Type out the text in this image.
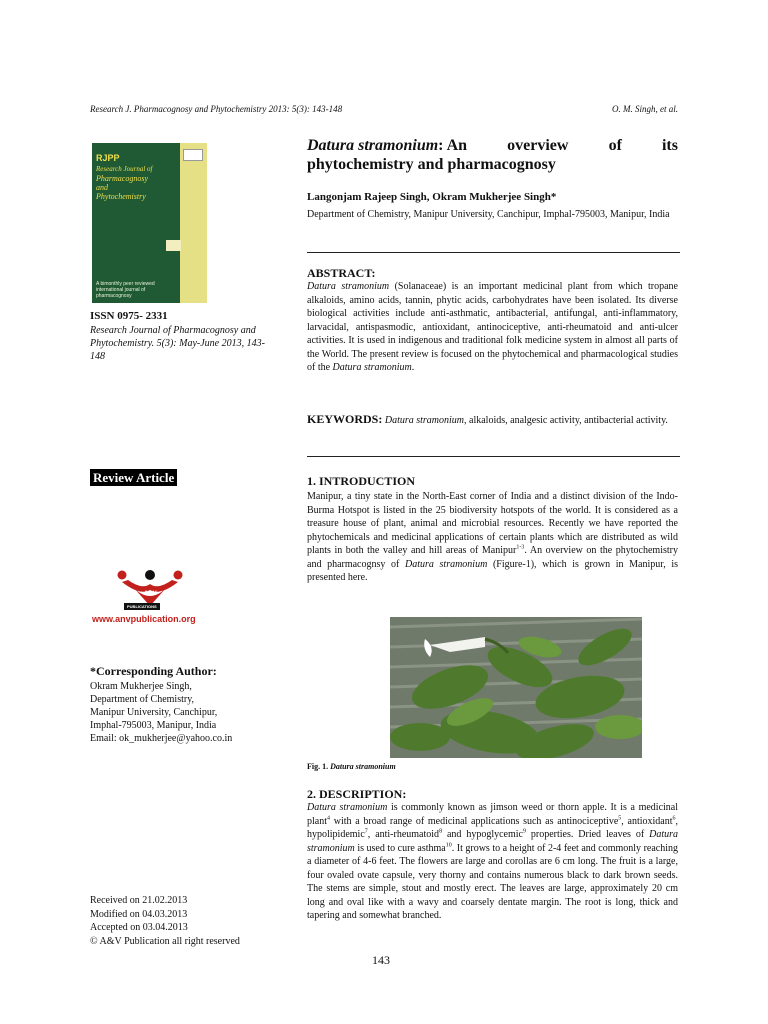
Research J. Pharmacognosy and Phytochemistry 2013: 5(3): 143-148	O. M. Singh, et al.
RJPP
Research Journal of
Pharmacognosy
and
Phytochemistry
A bimonthly peer reviewed international journal of pharmacognosy
ISSN 0975- 2331
Research Journal of Pharmacognosy and Phytochemistry. 5(3): May-June 2013, 143-148
Review Article
A&V
PUBLICATIONS
www.anvpublication.org
*Corresponding Author:
Okram Mukherjee Singh,
Department of Chemistry,
Manipur University, Canchipur,
Imphal-795003, Manipur, India
Email: ok_mukherjee@yahoo.co.in
Received on 21.02.2013
Modified on 04.03.2013
Accepted on 03.04.2013
© A&V Publication all right reserved
Datura stramonium: An	overview	of	its
phytochemistry and pharmacognosy
Langonjam Rajeep Singh, Okram Mukherjee Singh*
Department of Chemistry, Manipur University, Canchipur, Imphal-795003, Manipur, India
ABSTRACT:
Datura stramonium (Solanaceae) is an important medicinal plant from which tropane alkaloids, amino acids, tannin, phytic acids, carbohydrates have been isolated. Its diverse biological activities include anti-asthmatic, antibacterial, antifungal, anti-inflammatory, larvacidal, antispasmodic, antioxidant, antinociceptive, anti-rheumatoid and anti-ulcer activities. It is used in indigenous and traditional folk medicine system in almost all parts of the World. The present review is focused on the phytochemical and pharmacological studies of the Datura stramonium.
KEYWORDS: Datura stramonium, alkaloids, analgesic activity, antibacterial activity.
1. INTRODUCTION
Manipur, a tiny state in the North-East corner of India and a distinct division of the Indo-Burma Hotspot is listed in the 25 biodiversity hotspots of the world. It is considered as a treasure house of plant, animal and microbial resources. Recently we have reported the phytochemicals and medicinal applications of certain plants which are distributed as wild plants in both the valley and hill areas of Manipur$^{1-3}$. An overview on the phytochemistry and pharmacognsy of Datura stramonium (Figure-1), which is grown in Manipur, is presented here.
Fig. 1. Datura stramonium
2. DESCRIPTION:
Datura stramonium is commonly known as jimson weed or thorn apple. It is a medicinal plant$^4$ with a broad range of medicinal applications such as antinociceptive$^5$, antioxidant$^6$, hypolipidemic$^7$, anti-rheumatoid$^8$ and hypoglycemic$^9$ properties. Dried leaves of Datura stramonium is used to cure asthma$^{10}$. It grows to a height of 2-4 feet and commonly reaching a diameter of 4-6 feet. The flowers are large and corollas are 6 cm long. The fruit is a large, four ovaled ovate capsule, very thorny and contains numerous black to dark brown seeds. The stems are simple, stout and mostly erect. The leaves are large, approximately 20 cm long and oval like with a wavy and coarsely dentate margin. The root is long, thick and tapering and somewhat branched.
143
